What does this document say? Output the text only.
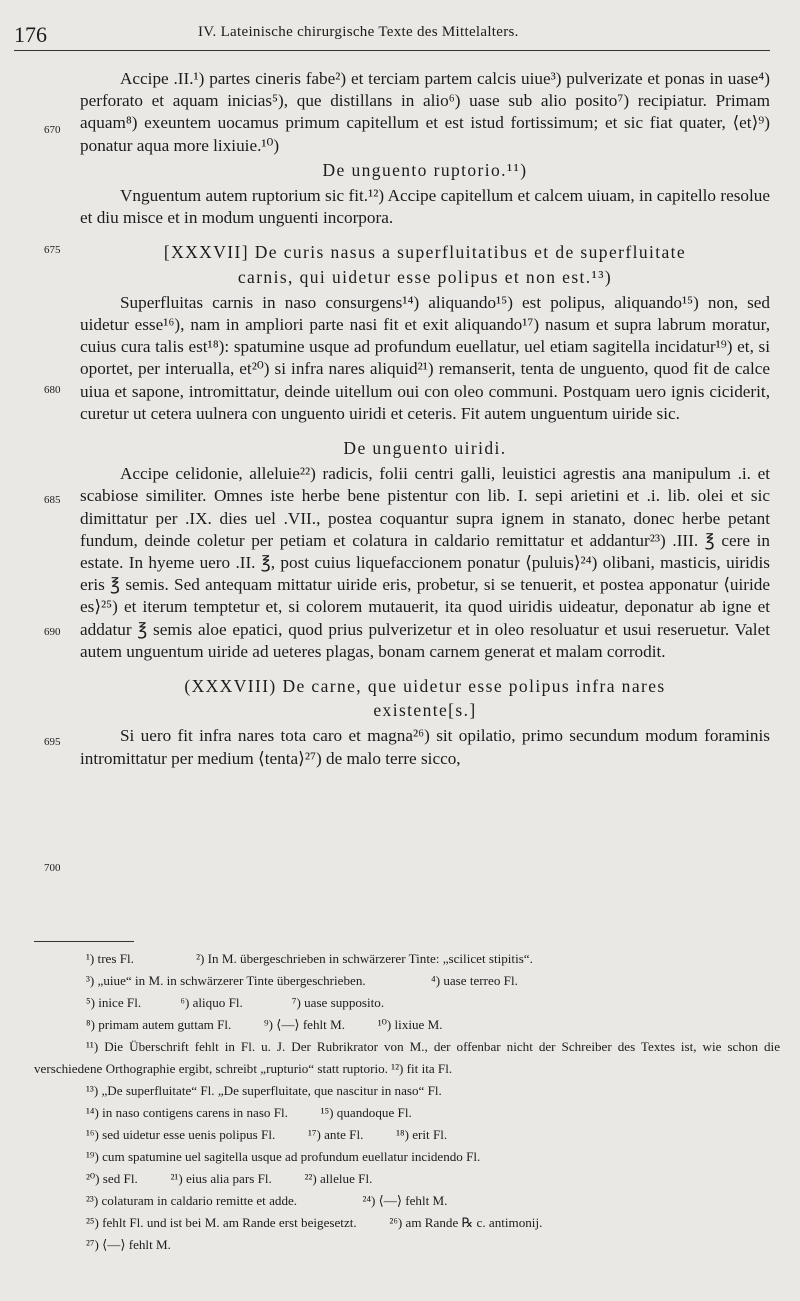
176	IV. Lateinische chirurgische Texte des Mittelalters.
670
675
680
685
690
695
700

Accipe .II.¹) partes cineris fabe²) et terciam partem calcis uiue³) pulverizate et ponas in uase⁴) perforato et aquam inicias⁵), que distillans in alio⁶) uase sub alio posito⁷) recipiatur. Primam aquam⁸) exeuntem uocamus primum capitellum et est istud fortissimum; et sic fiat quater, ⟨et⟩⁹) ponatur aqua more lixiuie.¹⁰)

De unguento ruptorio.¹¹)

Vnguentum autem ruptorium sic fit.¹²) Accipe capitellum et calcem uiuam, in capitello resolue et diu misce et in modum unguenti incorpora.

[XXXVII] De curis nasus a superfluitatibus et de superfluitate
carnis, qui uidetur esse polipus et non est.¹³)

Superfluitas carnis in naso consurgens¹⁴) aliquando¹⁵) est polipus, aliquando¹⁵) non, sed uidetur esse¹⁶), nam in ampliori parte nasi fit et exit aliquando¹⁷) nasum et supra labrum moratur, cuius cura talis est¹⁸): spatumine usque ad profundum euellatur, uel etiam sagitella incidatur¹⁹) et, si oportet, per interualla, et²⁰) si infra nares aliquid²¹) remanserit, tenta de unguento, quod fit de calce uiua et sapone, intromittatur, deinde uitellum oui con oleo communi. Postquam uero ignis ciciderit, curetur ut cetera uulnera con unguento uiridi et ceteris. Fit autem unguentum uiride sic.

De unguento uiridi.

Accipe celidonie, alleluie²²) radicis, folii centri galli, leuistici agrestis ana manipulum .i. et scabiose similiter. Omnes iste herbe bene pistentur con lib. I. sepi arietini et .i. lib. olei et sic dimittatur per .IX. dies uel .VII., postea coquantur supra ignem in stanato, donec herbe petant fundum, deinde coletur per petiam et colatura in caldario remittatur et addantur²³) .III. ℥ cere in estate. In hyeme uero .II. ℥, post cuius liquefaccionem ponatur ⟨puluis⟩²⁴) olibani, masticis, uiridis eris ℥ semis. Sed antequam mittatur uiride eris, probetur, si se tenuerit, et postea apponatur ⟨uiride es⟩²⁵) et iterum temptetur et, si colorem mutauerit, ita quod uiridis uideatur, deponatur ab igne et addatur ℥ semis aloe epatici, quod prius pulverizetur et in oleo resoluatur et usui reseruetur. Valet autem unguentum uiride ad ueteres plagas, bonam carnem generat et malam corrodit.

(XXXVIII) De carne, que uidetur esse polipus infra nares
existente[s.]

Si uero fit infra nares tota caro et magna²⁶) sit opilatio, primo secundum modum foraminis intromittatur per medium ⟨tenta⟩²⁷) de malo terre sicco,

¹) tres Fl.                   ²) In M. übergeschrieben in schwärzerer Tinte: „scilicet stipitis“.
³) „uiue“ in M. in schwärzerer Tinte übergeschrieben.                    ⁴) uase terreo Fl.
⁵) inice Fl.            ⁶) aliquo Fl.               ⁷) uase supposito.
⁸) primam autem guttam Fl.          ⁹) ⟨—⟩ fehlt M.          ¹⁰) lixiue M.
¹¹) Die Überschrift fehlt in Fl. u. J. Der Rubrikrator von M., der offenbar nicht der Schreiber des Textes ist, wie schon die verschiedene Orthographie ergibt, schreibt „rupturio“ statt ruptorio. ¹²) fit ita Fl.
¹³) „De superfluitate“ Fl. „De superfluitate, que nascitur in naso“ Fl.
¹⁴) in naso contigens carens in naso Fl.          ¹⁵) quandoque Fl.
¹⁶) sed uidetur esse uenis polipus Fl.          ¹⁷) ante Fl.          ¹⁸) erit Fl.
¹⁹) cum spatumine uel sagitella usque ad profundum euellatur incidendo Fl.
²⁰) sed Fl.          ²¹) eius alia pars Fl.          ²²) allelue Fl.
²³) colaturam in caldario remitte et adde.                    ²⁴) ⟨—⟩ fehlt M.
²⁵) fehlt Fl. und ist bei M. am Rande erst beigesetzt.          ²⁶) am Rande ℞ c. antimonij.
²⁷) ⟨—⟩ fehlt M.
